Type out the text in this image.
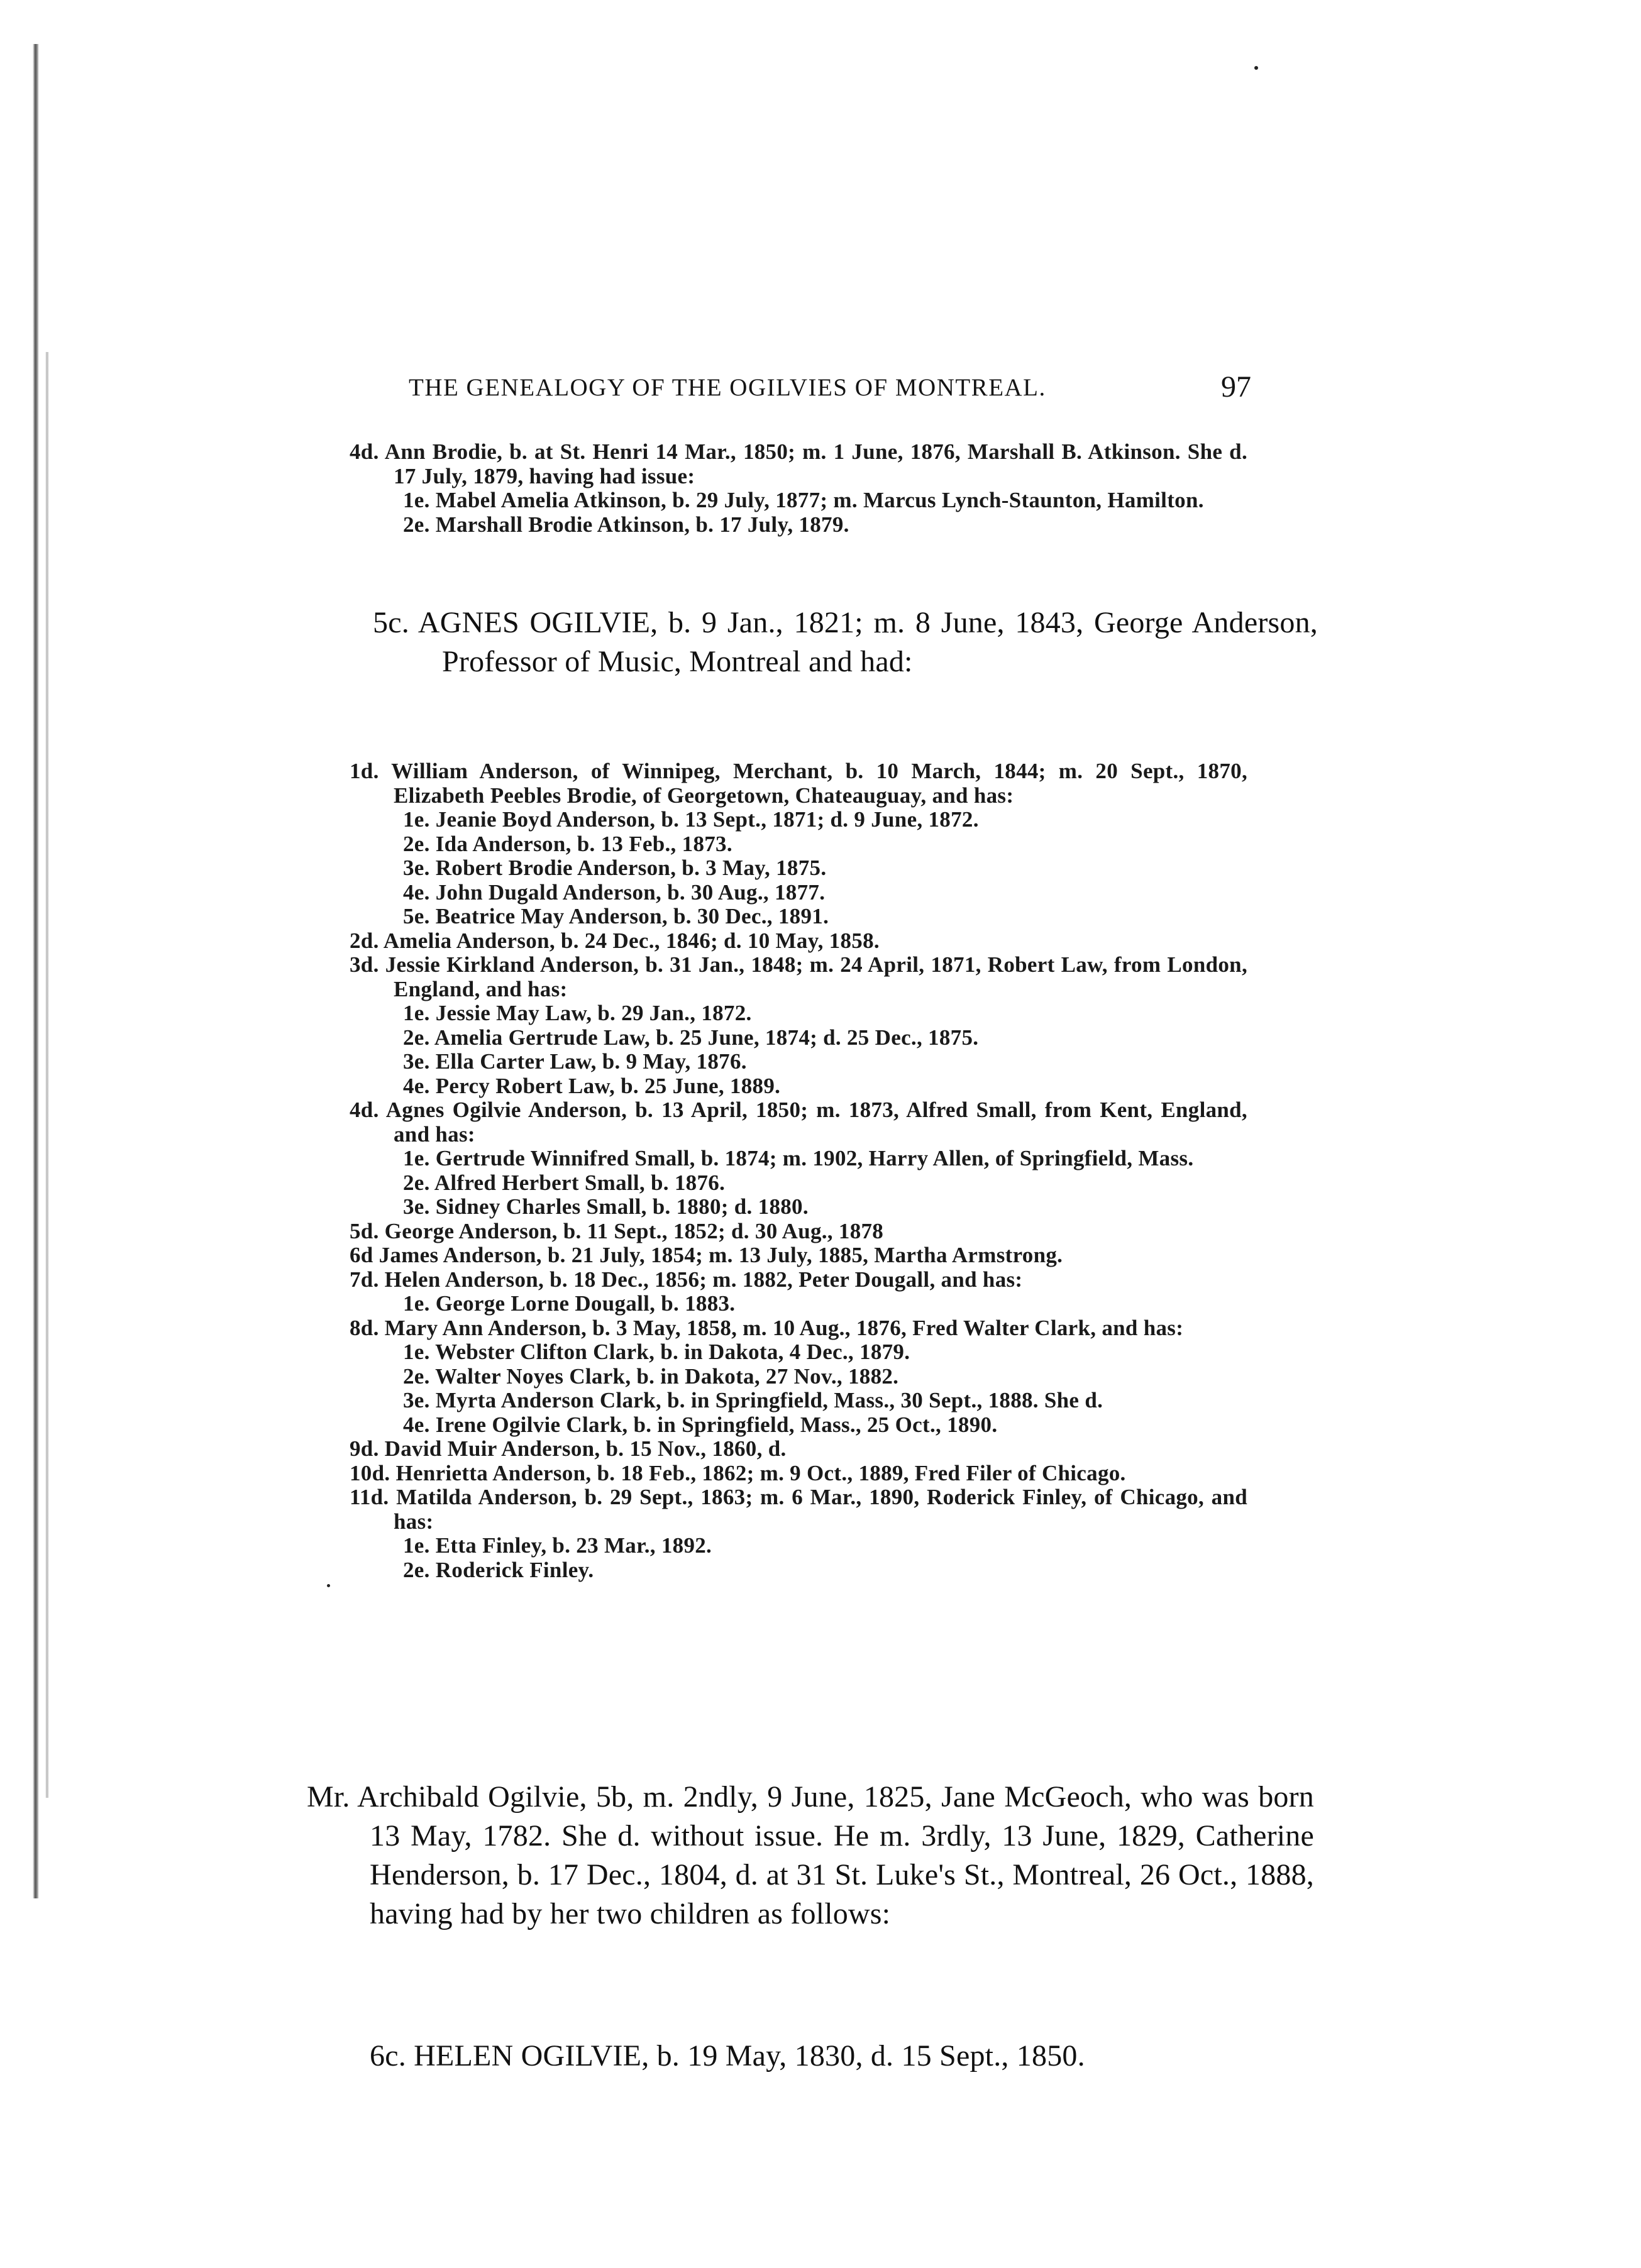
THE GENEALOGY OF THE OGILVIES OF MONTREAL.	97
4d. Ann Brodie, b. at St. Henri 14 Mar., 1850; m. 1 June, 1876, Marshall B. Atkinson. She d. 17 July, 1879, having had issue:
1e. Mabel Amelia Atkinson, b. 29 July, 1877; m. Marcus Lynch-Staunton, Hamilton.
2e. Marshall Brodie Atkinson, b. 17 July, 1879.
5c. AGNES OGILVIE, b. 9 Jan., 1821; m. 8 June, 1843, George Anderson, Professor of Music, Montreal and had:
1d. William Anderson, of Winnipeg, Merchant, b. 10 March, 1844; m. 20 Sept., 1870, Elizabeth Peebles Brodie, of Georgetown, Chateauguay, and has:
1e. Jeanie Boyd Anderson, b. 13 Sept., 1871; d. 9 June, 1872.
2e. Ida Anderson, b. 13 Feb., 1873.
3e. Robert Brodie Anderson, b. 3 May, 1875.
4e. John Dugald Anderson, b. 30 Aug., 1877.
5e. Beatrice May Anderson, b. 30 Dec., 1891.
2d. Amelia Anderson, b. 24 Dec., 1846; d. 10 May, 1858.
3d. Jessie Kirkland Anderson, b. 31 Jan., 1848; m. 24 April, 1871, Robert Law, from London, England, and has:
1e. Jessie May Law, b. 29 Jan., 1872.
2e. Amelia Gertrude Law, b. 25 June, 1874; d. 25 Dec., 1875.
3e. Ella Carter Law, b. 9 May, 1876.
4e. Percy Robert Law, b. 25 June, 1889.
4d. Agnes Ogilvie Anderson, b. 13 April, 1850; m. 1873, Alfred Small, from Kent, England, and has:
1e. Gertrude Winnifred Small, b. 1874; m. 1902, Harry Allen, of Springfield, Mass.
2e. Alfred Herbert Small, b. 1876.
3e. Sidney Charles Small, b. 1880; d. 1880.
5d. George Anderson, b. 11 Sept., 1852; d. 30 Aug., 1878
6d James Anderson, b. 21 July, 1854; m. 13 July, 1885, Martha Armstrong.
7d. Helen Anderson, b. 18 Dec., 1856; m. 1882, Peter Dougall, and has:
1e. George Lorne Dougall, b. 1883.
8d. Mary Ann Anderson, b. 3 May, 1858, m. 10 Aug., 1876, Fred Walter Clark, and has:
1e. Webster Clifton Clark, b. in Dakota, 4 Dec., 1879.
2e. Walter Noyes Clark, b. in Dakota, 27 Nov., 1882.
3e. Myrta Anderson Clark, b. in Springfield, Mass., 30 Sept., 1888. She d.
4e. Irene Ogilvie Clark, b. in Springfield, Mass., 25 Oct., 1890.
9d. David Muir Anderson, b. 15 Nov., 1860, d.
10d. Henrietta Anderson, b. 18 Feb., 1862; m. 9 Oct., 1889, Fred Filer of Chicago.
11d. Matilda Anderson, b. 29 Sept., 1863; m. 6 Mar., 1890, Roderick Finley, of Chicago, and has:
1e. Etta Finley, b. 23 Mar., 1892.
2e. Roderick Finley.
Mr. Archibald Ogilvie, 5b, m. 2ndly, 9 June, 1825, Jane McGeoch, who was born 13 May, 1782. She d. without issue. He m. 3rdly, 13 June, 1829, Catherine Henderson, b. 17 Dec., 1804, d. at 31 St. Luke's St., Montreal, 26 Oct., 1888, having had by her two children as follows:
6c. HELEN OGILVIE, b. 19 May, 1830, d. 15 Sept., 1850.
